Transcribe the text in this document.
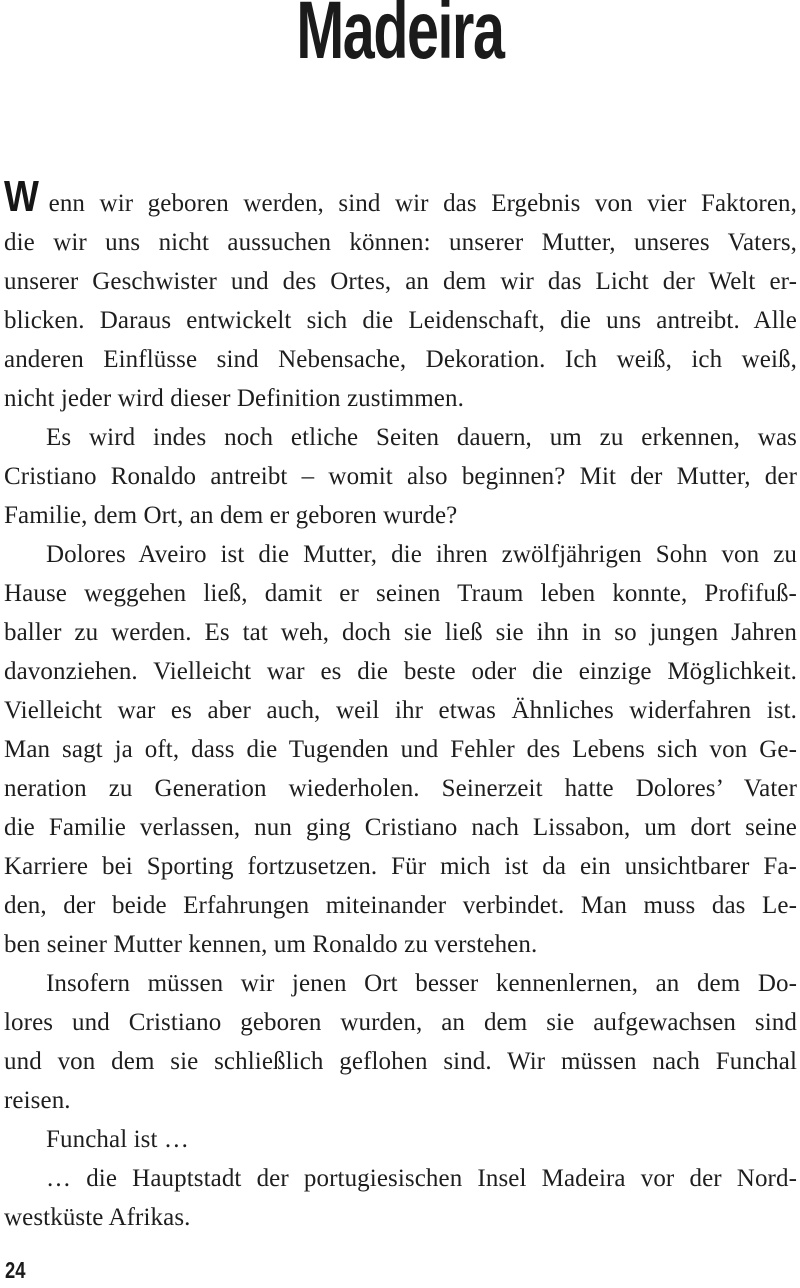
Madeira
Wenn wir geboren werden, sind wir das Ergebnis von vier Faktoren,
die wir uns nicht aussuchen können: unserer Mutter, unseres Vaters,
unserer Geschwister und des Ortes, an dem wir das Licht der Welt er-
blicken. Daraus entwickelt sich die Leidenschaft, die uns antreibt. Alle
anderen Einflüsse sind Nebensache, Dekoration. Ich weiß, ich weiß,
nicht jeder wird dieser Definition zustimmen.
Es wird indes noch etliche Seiten dauern, um zu erkennen, was
Cristiano Ronaldo antreibt – womit also beginnen? Mit der Mutter, der
Familie, dem Ort, an dem er geboren wurde?
Dolores Aveiro ist die Mutter, die ihren zwölfjährigen Sohn von zu
Hause weggehen ließ, damit er seinen Traum leben konnte, Profifuß-
baller zu werden. Es tat weh, doch sie ließ sie ihn in so jungen Jahren
davonziehen. Vielleicht war es die beste oder die einzige Möglichkeit.
Vielleicht war es aber auch, weil ihr etwas Ähnliches widerfahren ist.
Man sagt ja oft, dass die Tugenden und Fehler des Lebens sich von Ge-
neration zu Generation wiederholen. Seinerzeit hatte Dolores’ Vater
die Familie verlassen, nun ging Cristiano nach Lissabon, um dort seine
Karriere bei Sporting fortzusetzen. Für mich ist da ein unsichtbarer Fa-
den, der beide Erfahrungen miteinander verbindet. Man muss das Le-
ben seiner Mutter kennen, um Ronaldo zu verstehen.
Insofern müssen wir jenen Ort besser kennenlernen, an dem Do-
lores und Cristiano geboren wurden, an dem sie aufgewachsen sind
und von dem sie schließlich geflohen sind. Wir müssen nach Funchal
reisen.
Funchal ist …
… die Hauptstadt der portugiesischen Insel Madeira vor der Nord-
westküste Afrikas.
24
